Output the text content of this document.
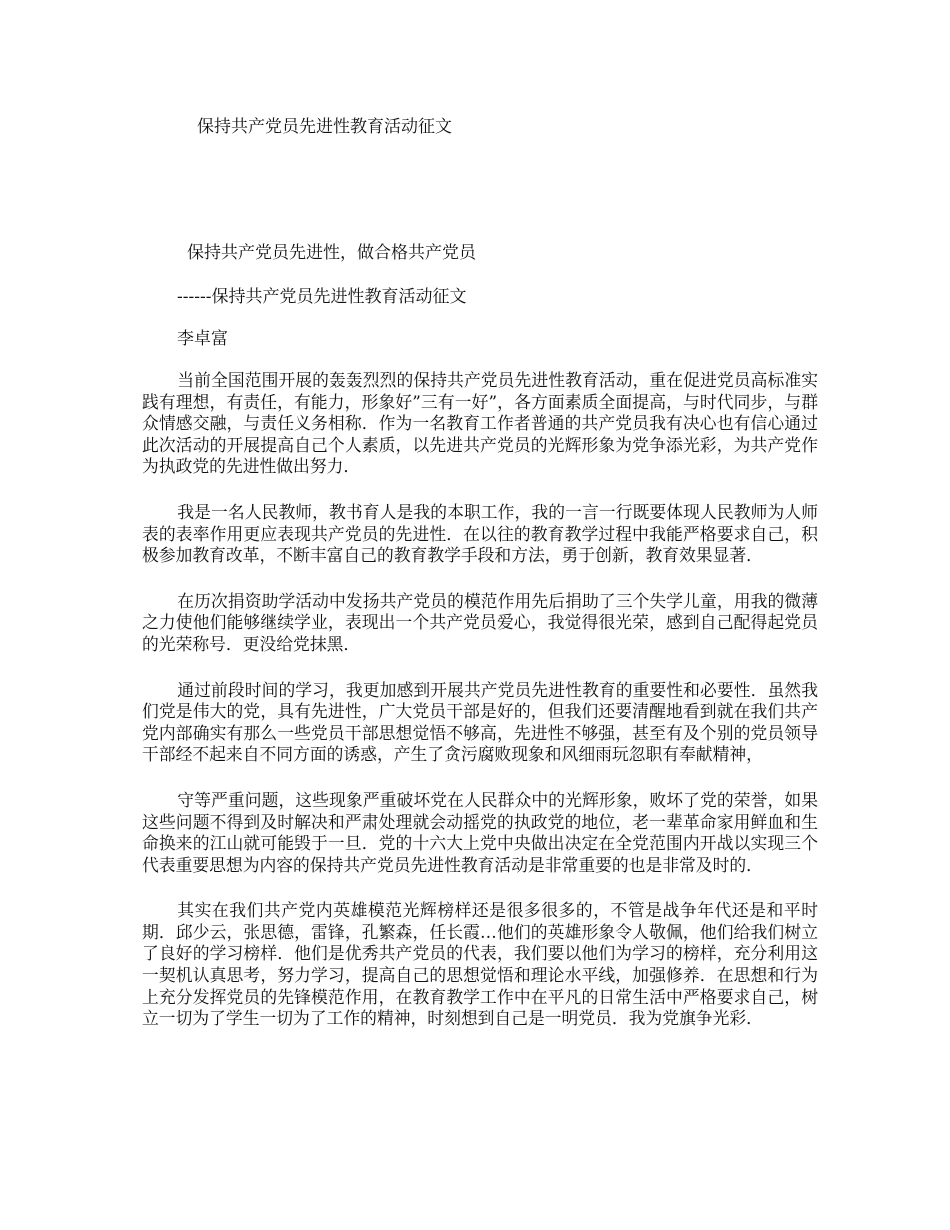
保持共产党员先进性教育活动征文
保持共产党员先进性，做合格共产党员
------保持共产党员先进性教育活动征文
李卓富

当前全国范围开展的轰轰烈烈的保持共产党员先进性教育活动，重在促进党员高标准实践有理想，有责任，有能力，形象好”三有一好”，各方面素质全面提高，与时代同步，与群众情感交融，与责任义务相称．作为一名教育工作者普通的共产党员我有决心也有信心通过此次活动的开展提高自己个人素质，以先进共产党员的光辉形象为党争添光彩，为共产党作为执政党的先进性做出努力．

我是一名人民教师，教书育人是我的本职工作，我的一言一行既要体现人民教师为人师表的表率作用更应表现共产党员的先进性．在以往的教育教学过程中我能严格要求自己，积极参加教育改革，不断丰富自己的教育教学手段和方法，勇于创新，教育效果显著．

在历次捐资助学活动中发扬共产党员的模范作用先后捐助了三个失学儿童，用我的微薄之力使他们能够继续学业，表现出一个共产党员爱心，我觉得很光荣，感到自己配得起党员的光荣称号．更没给党抹黑．

通过前段时间的学习，我更加感到开展共产党员先进性教育的重要性和必要性．虽然我们党是伟大的党，具有先进性，广大党员干部是好的，但我们还要清醒地看到就在我们共产党内部确实有那么一些党员干部思想觉悟不够高，先进性不够强，甚至有及个别的党员领导干部经不起来自不同方面的诱惑，产生了贪污腐败现象和风细雨玩忽职有奉献精神，

守等严重问题，这些现象严重破坏党在人民群众中的光辉形象，败坏了党的荣誉，如果这些问题不得到及时解决和严肃处理就会动摇党的执政党的地位，老一辈革命家用鲜血和生命换来的江山就可能毁于一旦．党的十六大上党中央做出决定在全党范围内开战以实现三个代表重要思想为内容的保持共产党员先进性教育活动是非常重要的也是非常及时的．

其实在我们共产党内英雄模范光辉榜样还是很多很多的，不管是战争年代还是和平时期．邱少云，张思德，雷锋，孔繁森，任长霞…他们的英雄形象令人敬佩，他们给我们树立了良好的学习榜样．他们是优秀共产党员的代表，我们要以他们为学习的榜样，充分利用这一契机认真思考，努力学习，提高自己的思想觉悟和理论水平线，加强修养．在思想和行为上充分发挥党员的先锋模范作用，在教育教学工作中在平凡的日常生活中严格要求自己，树立一切为了学生一切为了工作的精神，时刻想到自己是一明党员．我为党旗争光彩．
